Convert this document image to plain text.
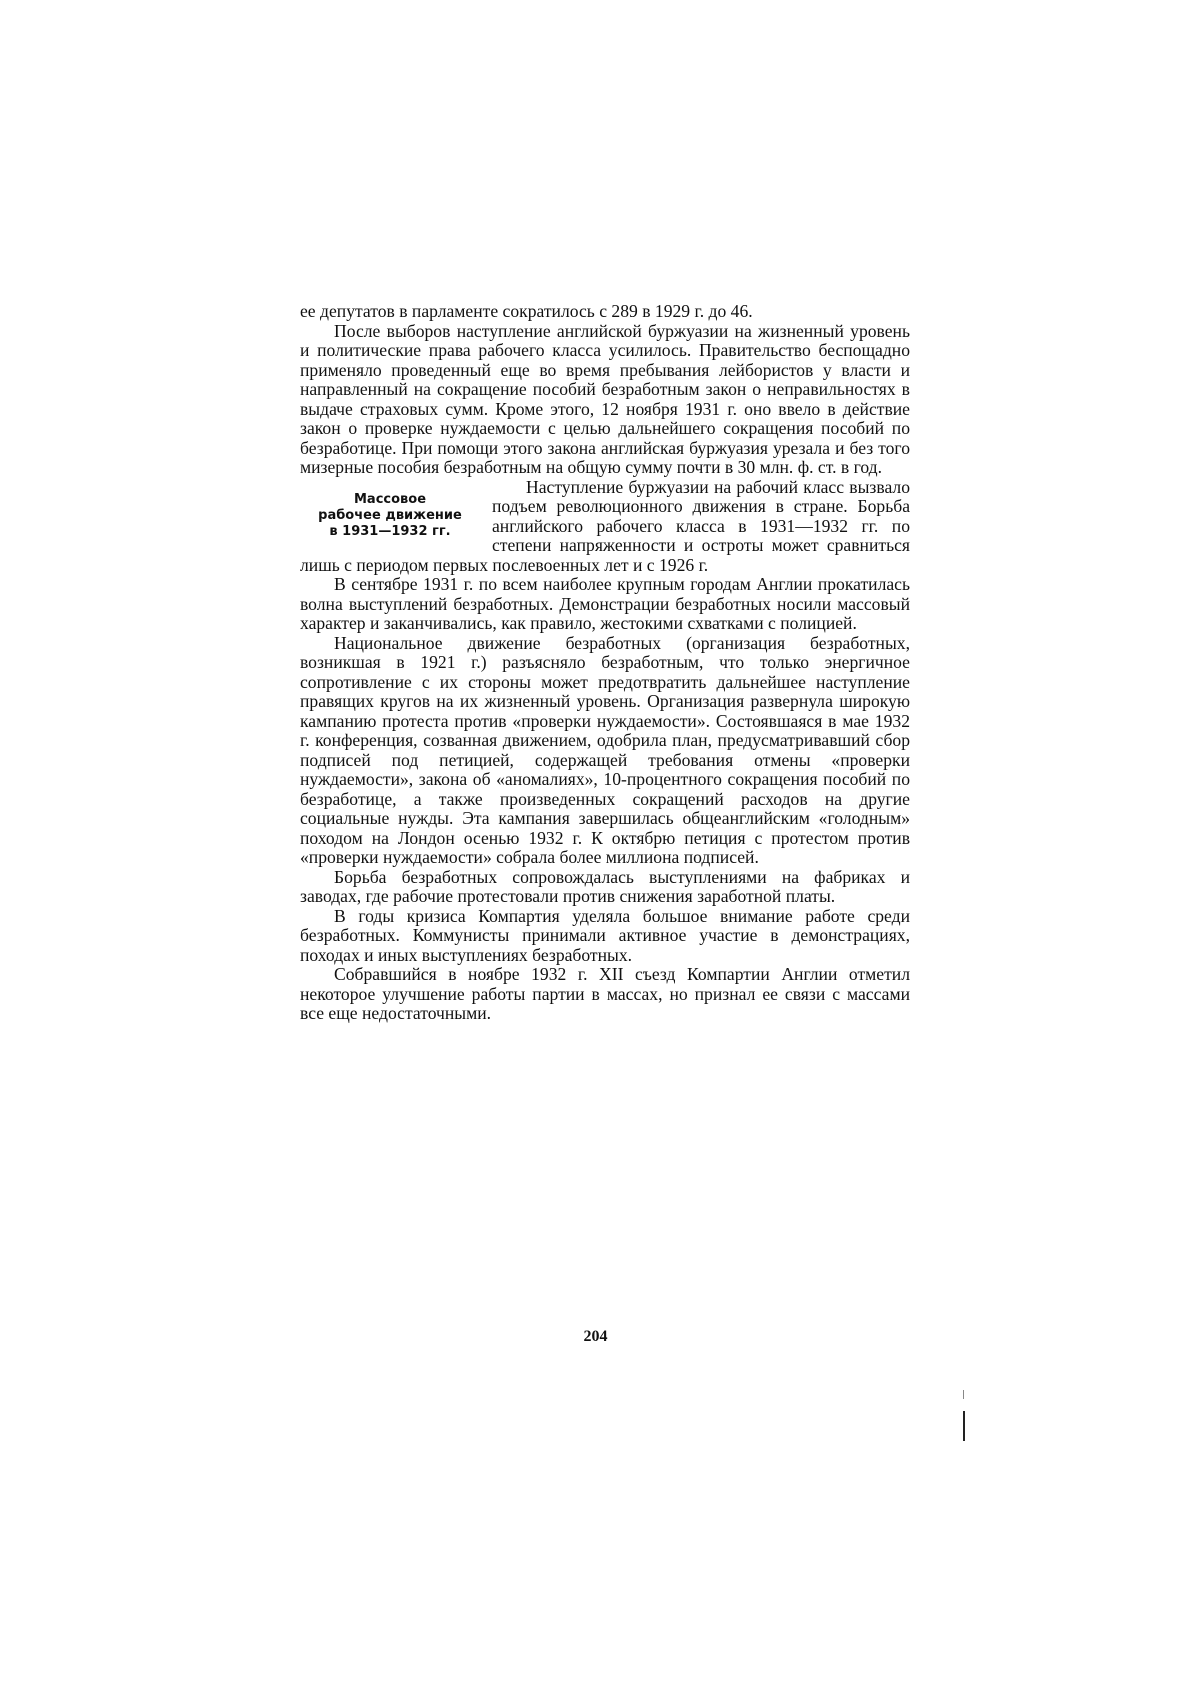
ее депутатов в парламенте сократилось с 289 в 1929 г. до 46.

После выборов наступление английской буржуазии на жизненный уровень и политические права рабочего класса усилилось. Правительство беспощадно применяло проведенный еще во время пребывания лейбористов у власти и направленный на сокращение пособий безработным закон о неправильностях в выдаче страховых сумм. Кроме этого, 12 ноября 1931 г. оно ввело в действие закон о проверке нуждаемости с целью дальнейшего сокращения пособий по безработице. При помощи этого закона английская буржуазия урезала и без того мизерные пособия безработным на общую сумму почти в 30 млн. ф. ст. в год.

Массовое
рабочее движение
в 1931—1932 гг.

Наступление буржуазии на рабочий класс вызвало подъем революционного движения в стране. Борьба английского рабочего класса в 1931—1932 гг. по степени напряженности и остроты может сравниться лишь с периодом первых послевоенных лет и с 1926 г.

В сентябре 1931 г. по всем наиболее крупным городам Англии прокатилась волна выступлений безработных. Демонстрации безработных носили массовый характер и заканчивались, как правило, жестокими схватками с полицией.

Национальное движение безработных (организация безработных, возникшая в 1921 г.) разъясняло безработным, что только энергичное сопротивление с их стороны может предотвратить дальнейшее наступление правящих кругов на их жизненный уровень. Организация развернула широкую кампанию протеста против «проверки нуждаемости». Состоявшаяся в мае 1932 г. конференция, созванная движением, одобрила план, предусматривавший сбор подписей под петицией, содержащей требования отмены «проверки нуждаемости», закона об «аномалиях», 10-процентного сокращения пособий по безработице, а также произведенных сокращений расходов на другие социальные нужды. Эта кампания завершилась общеанглийским «голодным» походом на Лондон осенью 1932 г. К октябрю петиция с протестом против «проверки нуждаемости» собрала более миллиона подписей.

Борьба безработных сопровождалась выступлениями на фабриках и заводах, где рабочие протестовали против снижения заработной платы.

В годы кризиса Компартия уделяла большое внимание работе среди безработных. Коммунисты принимали активное участие в демонстрациях, походах и иных выступлениях безработных.

Собравшийся в ноябре 1932 г. XII съезд Компартии Англии отметил некоторое улучшение работы партии в массах, но признал ее связи с массами все еще недостаточными.

204
